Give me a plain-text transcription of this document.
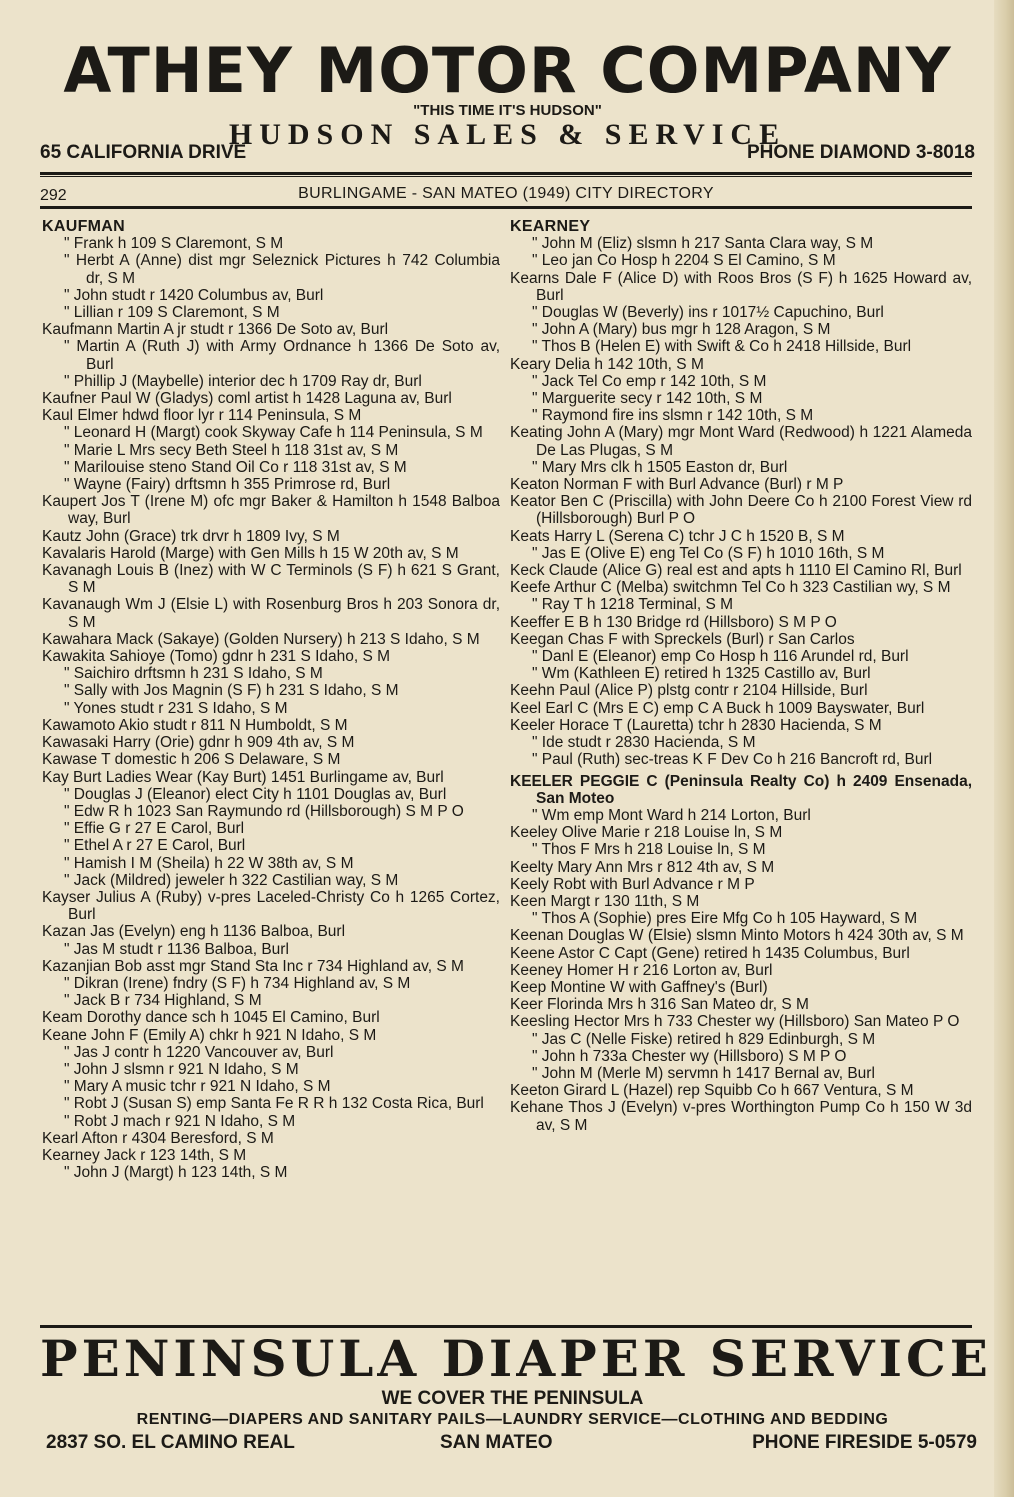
ATHEY MOTOR COMPANY
"THIS TIME IT'S HUDSON"
HUDSON SALES & SERVICE
65 CALIFORNIA DRIVE	PHONE DIAMOND 3-8018
292	BURLINGAME - SAN MATEO (1949) CITY DIRECTORY
KAUFMAN
" Frank h 109 S Claremont, S M
" Herbt A (Anne) dist mgr Seleznick Pictures h 742 Columbia dr, S M
" John studt r 1420 Columbus av, Burl
" Lillian r 109 S Claremont, S M
Kaufmann Martin A jr studt r 1366 De Soto av, Burl
" Martin A (Ruth J) with Army Ordnance h 1366 De Soto av, Burl
" Phillip J (Maybelle) interior dec h 1709 Ray dr, Burl
Kaufner Paul W (Gladys) coml artist h 1428 Laguna av, Burl
Kaul Elmer hdwd floor lyr r 114 Peninsula, S M
" Leonard H (Margt) cook Skyway Cafe h 114 Peninsula, S M
" Marie L Mrs secy Beth Steel h 118 31st av, S M
" Marilouise steno Stand Oil Co r 118 31st av, S M
" Wayne (Fairy) drftsmn h 355 Primrose rd, Burl
Kaupert Jos T (Irene M) ofc mgr Baker & Hamilton h 1548 Balboa way, Burl
Kautz John (Grace) trk drvr h 1809 Ivy, S M
Kavalaris Harold (Marge) with Gen Mills h 15 W 20th av, S M
Kavanagh Louis B (Inez) with W C Terminols (S F) h 621 S Grant, S M
Kavanaugh Wm J (Elsie L) with Rosenburg Bros h 203 Sonora dr, S M
Kawahara Mack (Sakaye) (Golden Nursery) h 213 S Idaho, S M
Kawakita Sahioye (Tomo) gdnr h 231 S Idaho, S M
" Saichiro drftsmn h 231 S Idaho, S M
" Sally with Jos Magnin (S F) h 231 S Idaho, S M
" Yones studt r 231 S Idaho, S M
Kawamoto Akio studt r 811 N Humboldt, S M
Kawasaki Harry (Orie) gdnr h 909 4th av, S M
Kawase T domestic h 206 S Delaware, S M
Kay Burt Ladies Wear (Kay Burt) 1451 Burlingame av, Burl
" Douglas J (Eleanor) elect City h 1101 Douglas av, Burl
" Edw R h 1023 San Raymundo rd (Hillsborough) S M P O
" Effie G r 27 E Carol, Burl
" Ethel A r 27 E Carol, Burl
" Hamish I M (Sheila) h 22 W 38th av, S M
" Jack (Mildred) jeweler h 322 Castilian way, S M
Kayser Julius A (Ruby) v-pres Laceled-Christy Co h 1265 Cortez, Burl
Kazan Jas (Evelyn) eng h 1136 Balboa, Burl
" Jas M studt r 1136 Balboa, Burl
Kazanjian Bob asst mgr Stand Sta Inc r 734 Highland av, S M
" Dikran (Irene) fndry (S F) h 734 Highland av, S M
" Jack B r 734 Highland, S M
Keam Dorothy dance sch h 1045 El Camino, Burl
Keane John F (Emily A) chkr h 921 N Idaho, S M
" Jas J contr h 1220 Vancouver av, Burl
" John J slsmn r 921 N Idaho, S M
" Mary A music tchr r 921 N Idaho, S M
" Robt J (Susan S) emp Santa Fe R R h 132 Costa Rica, Burl
" Robt J mach r 921 N Idaho, S M
Kearl Afton r 4304 Beresford, S M
Kearney Jack r 123 14th, S M
" John J (Margt) h 123 14th, S M
KEARNEY
" John M (Eliz) slsmn h 217 Santa Clara way, S M
" Leo jan Co Hosp h 2204 S El Camino, S M
Kearns Dale F (Alice D) with Roos Bros (S F) h 1625 Howard av, Burl
" Douglas W (Beverly) ins r 1017½ Capuchino, Burl
" John A (Mary) bus mgr h 128 Aragon, S M
" Thos B (Helen E) with Swift & Co h 2418 Hillside, Burl
Keary Delia h 142 10th, S M
" Jack Tel Co emp r 142 10th, S M
" Marguerite secy r 142 10th, S M
" Raymond fire ins slsmn r 142 10th, S M
Keating John A (Mary) mgr Mont Ward (Redwood) h 1221 Alameda De Las Plugas, S M
" Mary Mrs clk h 1505 Easton dr, Burl
Keaton Norman F with Burl Advance (Burl) r M P
Keator Ben C (Priscilla) with John Deere Co h 2100 Forest View rd (Hillsborough) Burl P O
Keats Harry L (Serena C) tchr J C h 1520 B, S M
" Jas E (Olive E) eng Tel Co (S F) h 1010 16th, S M
Keck Claude (Alice G) real est and apts h 1110 El Camino Rl, Burl
Keefe Arthur C (Melba) switchmn Tel Co h 323 Castilian wy, S M
" Ray T h 1218 Terminal, S M
Keeffer E B h 130 Bridge rd (Hillsboro) S M P O
Keegan Chas F with Spreckels (Burl) r San Carlos
" Danl E (Eleanor) emp Co Hosp h 116 Arundel rd, Burl
" Wm (Kathleen E) retired h 1325 Castillo av, Burl
Keehn Paul (Alice P) plstg contr r 2104 Hillside, Burl
Keel Earl C (Mrs E C) emp C A Buck h 1009 Bayswater, Burl
Keeler Horace T (Lauretta) tchr h 2830 Hacienda, S M
" Ide studt r 2830 Hacienda, S M
" Paul (Ruth) sec-treas K F Dev Co h 216 Bancroft rd, Burl
KEELER PEGGIE C (Peninsula Realty Co) h 2409 Ensenada, San Moteo
" Wm emp Mont Ward h 214 Lorton, Burl
Keeley Olive Marie r 218 Louise ln, S M
" Thos F Mrs h 218 Louise ln, S M
Keelty Mary Ann Mrs r 812 4th av, S M
Keely Robt with Burl Advance r M P
Keen Margt r 130 11th, S M
" Thos A (Sophie) pres Eire Mfg Co h 105 Hayward, S M
Keenan Douglas W (Elsie) slsmn Minto Motors h 424 30th av, S M
Keene Astor C Capt (Gene) retired h 1435 Columbus, Burl
Keeney Homer H r 216 Lorton av, Burl
Keep Montine W with Gaffney's (Burl)
Keer Florinda Mrs h 316 San Mateo dr, S M
Keesling Hector Mrs h 733 Chester wy (Hillsboro) San Mateo P O
" Jas C (Nelle Fiske) retired h 829 Edinburgh, S M
" John h 733a Chester wy (Hillsboro) S M P O
" John M (Merle M) servmn h 1417 Bernal av, Burl
Keeton Girard L (Hazel) rep Squibb Co h 667 Ventura, S M
Kehane Thos J (Evelyn) v-pres Worthington Pump Co h 150 W 3d av, S M
PENINSULA DIAPER SERVICE
WE COVER THE PENINSULA
RENTING—DIAPERS AND SANITARY PAILS—LAUNDRY SERVICE—CLOTHING AND BEDDING
2837 SO. EL CAMINO REAL	SAN MATEO	PHONE FIRESIDE 5-0579
